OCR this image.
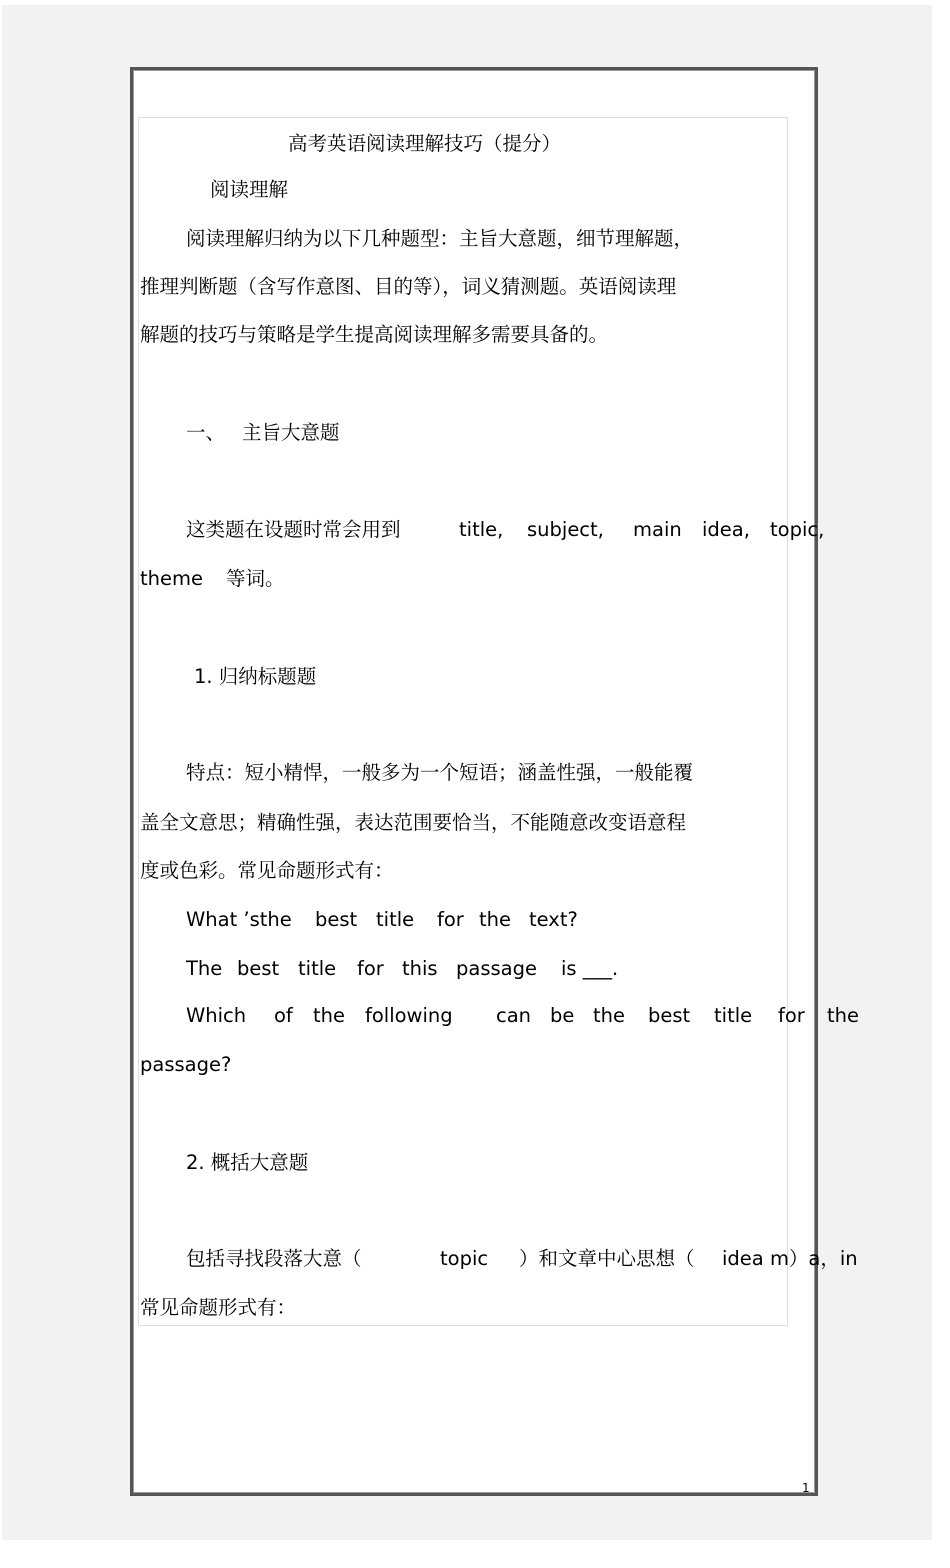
高考英语阅读理解技巧（提分）
阅读理解
阅读理解归纳为以下几种题型：主旨大意题，细节理解题，
推理判断题（含写作意图、目的等），词义猜测题。英语阅读理
解题的技巧与策略是学生提高阅读理解多需要具备的。
一、 主旨大意题
这类题在设题时常会用到	title, subject, main idea, topic,
theme 等词。
1. 归纳标题题
特点：短小精悍，一般多为一个短语；涵盖性强，一般能覆
盖全文意思；精确性强，表达范围要恰当，不能随意改变语意程
度或色彩。常见命题形式有：
What ’sthe best title for the text?
The best title for this passage is ___.
Which of the following can be the best title for the
passage?
2. 概括大意题
包括寻找段落大意（	topic ）和文章中心思想（ idea m）a，in
常见命题形式有：
1
